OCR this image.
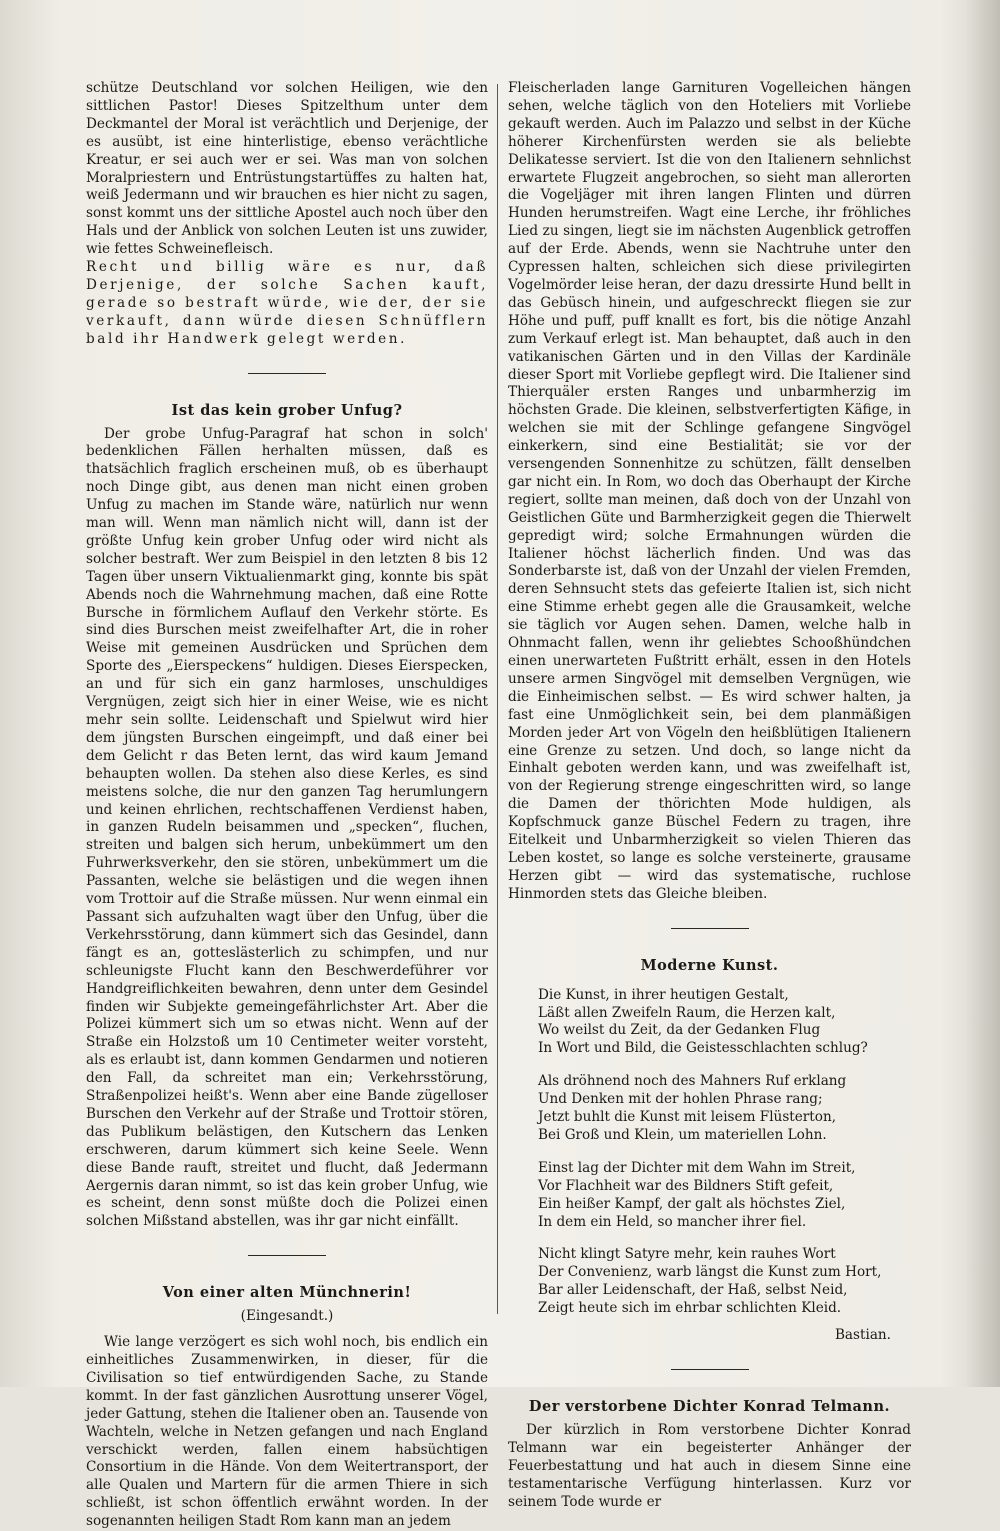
schütze Deutschland vor solchen Heiligen, wie den sittlichen Pastor! Dieses Spitzelthum unter dem Deckmantel der Moral ist verächtlich und Derjenige, der es ausübt, ist eine hinterlistige, ebenso verächtliche Kreatur, er sei auch wer er sei. Was man von solchen Moralpriestern und Entrüstungstartüffes zu halten hat, weiß Jedermann und wir brauchen es hier nicht zu sagen, sonst kommt uns der sittliche Apostel auch noch über den Hals und der Anblick von solchen Leuten ist uns zuwider, wie fettes Schweinefleisch.

Recht und billig wäre es nur, daß Derjenige, der solche Sachen kauft, gerade so bestraft würde, wie der, der sie verkauft, dann würde diesen Schnüfflern bald ihr Handwerk gelegt werden.

Ist das kein grober Unfug?

Der grobe Unfug-Paragraf hat schon in solch' bedenklichen Fällen herhalten müssen, daß es thatsächlich fraglich erscheinen muß, ob es überhaupt noch Dinge gibt, aus denen man nicht einen groben Unfug zu machen im Stande wäre, natürlich nur wenn man will. Wenn man nämlich nicht will, dann ist der größte Unfug kein grober Unfug oder wird nicht als solcher bestraft. Wer zum Beispiel in den letzten 8 bis 12 Tagen über unsern Viktualienmarkt ging, konnte bis spät Abends noch die Wahrnehmung machen, daß eine Rotte Bursche in förmlichem Auflauf den Verkehr störte. Es sind dies Burschen meist zweifelhafter Art, die in roher Weise mit gemeinen Ausdrücken und Sprüchen dem Sporte des „Eierspeckens“ huldigen. Dieses Eierspecken, an und für sich ein ganz harmloses, unschuldiges Vergnügen, zeigt sich hier in einer Weise, wie es nicht mehr sein sollte. Leidenschaft und Spielwut wird hier dem jüngsten Burschen eingeimpft, und daß einer bei dem Gelicht r das Beten lernt, das wird kaum Jemand behaupten wollen. Da stehen also diese Kerles, es sind meistens solche, die nur den ganzen Tag herumlungern und keinen ehrlichen, rechtschaffenen Verdienst haben, in ganzen Rudeln beisammen und „specken“, fluchen, streiten und balgen sich herum, unbekümmert um den Fuhrwerksverkehr, den sie stören, unbekümmert um die Passanten, welche sie belästigen und die wegen ihnen vom Trottoir auf die Straße müssen. Nur wenn einmal ein Passant sich aufzuhalten wagt über den Unfug, über die Verkehrsstörung, dann kümmert sich das Gesindel, dann fängt es an, gotteslästerlich zu schimpfen, und nur schleunigste Flucht kann den Beschwerdeführer vor Handgreiflichkeiten bewahren, denn unter dem Gesindel finden wir Subjekte gemeingefährlichster Art. Aber die Polizei kümmert sich um so etwas nicht. Wenn auf der Straße ein Holzstoß um 10 Centimeter weiter vorsteht, als es erlaubt ist, dann kommen Gendarmen und notieren den Fall, da schreitet man ein; Verkehrsstörung, Straßenpolizei heißt's. Wenn aber eine Bande zügelloser Burschen den Verkehr auf der Straße und Trottoir stören, das Publikum belästigen, den Kutschern das Lenken erschweren, darum kümmert sich keine Seele. Wenn diese Bande rauft, streitet und flucht, daß Jedermann Aergernis daran nimmt, so ist das kein grober Unfug, wie es scheint, denn sonst müßte doch die Polizei einen solchen Mißstand abstellen, was ihr gar nicht einfällt.

Von einer alten Münchnerin!

(Eingesandt.)

Wie lange verzögert es sich wohl noch, bis endlich ein einheitliches Zusammenwirken, in dieser, für die Civilisation so tief entwürdigenden Sache, zu Stande kommt. In der fast gänzlichen Ausrottung unserer Vögel, jeder Gattung, stehen die Italiener oben an. Tausende von Wachteln, welche in Netzen gefangen und nach England verschickt werden, fallen einem habsüchtigen Consortium in die Hände. Von dem Weitertransport, der alle Qualen und Martern für die armen Thiere in sich schließt, ist schon öffentlich erwähnt worden. In der sogenannten heiligen Stadt Rom kann man an jedem

Fleischerladen lange Garnituren Vogelleichen hängen sehen, welche täglich von den Hoteliers mit Vorliebe gekauft werden. Auch im Palazzo und selbst in der Küche höherer Kirchenfürsten werden sie als beliebte Delikatesse serviert. Ist die von den Italienern sehnlichst erwartete Flugzeit angebrochen, so sieht man allerorten die Vogeljäger mit ihren langen Flinten und dürren Hunden herumstreifen. Wagt eine Lerche, ihr fröhliches Lied zu singen, liegt sie im nächsten Augenblick getroffen auf der Erde. Abends, wenn sie Nachtruhe unter den Cypressen halten, schleichen sich diese privilegirten Vogelmörder leise heran, der dazu dressirte Hund bellt in das Gebüsch hinein, und aufgeschreckt fliegen sie zur Höhe und puff, puff knallt es fort, bis die nötige Anzahl zum Verkauf erlegt ist. Man behauptet, daß auch in den vatikanischen Gärten und in den Villas der Kardinäle dieser Sport mit Vorliebe gepflegt wird. Die Italiener sind Thierquäler ersten Ranges und unbarmherzig im höchsten Grade. Die kleinen, selbstverfertigten Käfige, in welchen sie mit der Schlinge gefangene Singvögel einkerkern, sind eine Bestialität; sie vor der versengenden Sonnenhitze zu schützen, fällt denselben gar nicht ein. In Rom, wo doch das Oberhaupt der Kirche regiert, sollte man meinen, daß doch von der Unzahl von Geistlichen Güte und Barmherzigkeit gegen die Thierwelt gepredigt wird; solche Ermahnungen würden die Italiener höchst lächerlich finden. Und was das Sonderbarste ist, daß von der Unzahl der vielen Fremden, deren Sehnsucht stets das gefeierte Italien ist, sich nicht eine Stimme erhebt gegen alle die Grausamkeit, welche sie täglich vor Augen sehen. Damen, welche halb in Ohnmacht fallen, wenn ihr geliebtes Schooßhündchen einen unerwarteten Fußtritt erhält, essen in den Hotels unsere armen Singvögel mit demselben Vergnügen, wie die Einheimischen selbst. — Es wird schwer halten, ja fast eine Unmöglichkeit sein, bei dem planmäßigen Morden jeder Art von Vögeln den heißblütigen Italienern eine Grenze zu setzen. Und doch, so lange nicht da Einhalt geboten werden kann, und was zweifelhaft ist, von der Regierung strenge eingeschritten wird, so lange die Damen der thörichten Mode huldigen, als Kopfschmuck ganze Büschel Federn zu tragen, ihre Eitelkeit und Unbarmherzigkeit so vielen Thieren das Leben kostet, so lange es solche versteinerte, grausame Herzen gibt — wird das systematische, ruchlose Hinmorden stets das Gleiche bleiben.

Moderne Kunst.
Die Kunst, in ihrer heutigen Gestalt,
Läßt allen Zweifeln Raum, die Herzen kalt,
Wo weilst du Zeit, da der Gedanken Flug
In Wort und Bild, die Geistesschlachten schlug?
Als dröhnend noch des Mahners Ruf erklang
Und Denken mit der hohlen Phrase rang;
Jetzt buhlt die Kunst mit leisem Flüsterton,
Bei Groß und Klein, um materiellen Lohn.
Einst lag der Dichter mit dem Wahn im Streit,
Vor Flachheit war des Bildners Stift gefeit,
Ein heißer Kampf, der galt als höchstes Ziel,
In dem ein Held, so mancher ihrer fiel.
Nicht klingt Satyre mehr, kein rauhes Wort
Der Convenienz, warb längst die Kunst zum Hort,
Bar aller Leidenschaft, der Haß, selbst Neid,
Zeigt heute sich im ehrbar schlichten Kleid.

Bastian.

Der verstorbene Dichter Konrad Telmann.

Der kürzlich in Rom verstorbene Dichter Konrad Telmann war ein begeisterter Anhänger der Feuerbestattung und hat auch in diesem Sinne eine testamentarische Verfügung hinterlassen. Kurz vor seinem Tode wurde er
